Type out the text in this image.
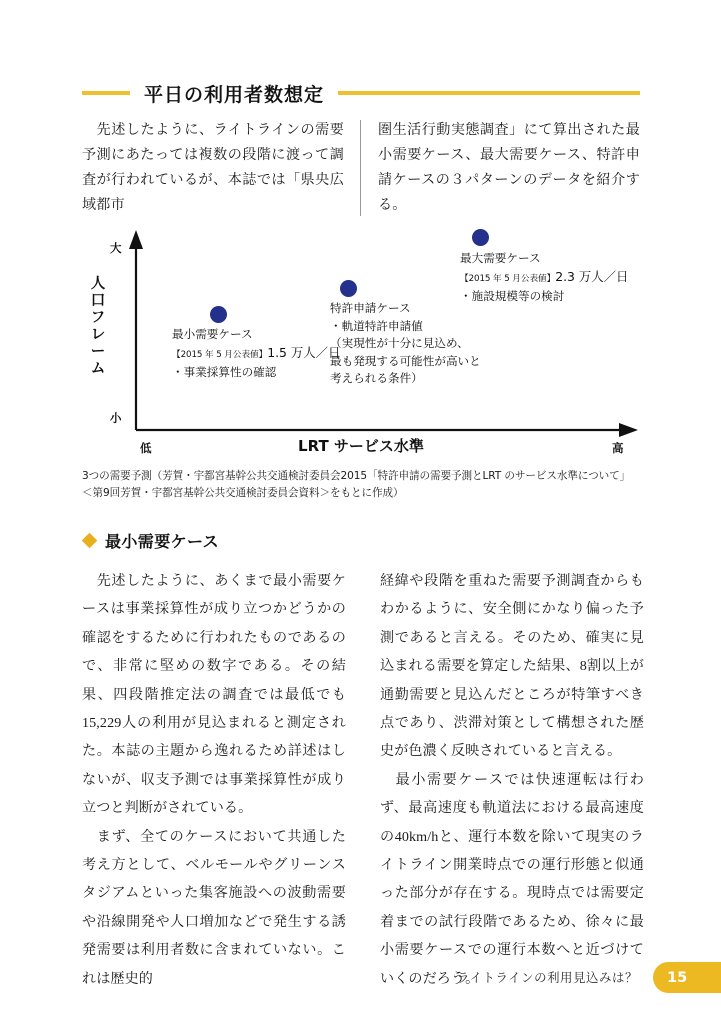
平日の利用者数想定

　先述したように、ライトラインの需要予測にあたっては複数の段階に渡って調査が行われているが、本誌では「県央広域都市

圏生活行動実態調査」にて算出された最小需要ケース、最大需要ケース、特許申請ケースの３パターンのデータを紹介する。

人口フレーム
LRT サービス水準
大
小
低	高
最小需要ケース
【2015 年 5 月公表値】1.5 万人／日
・事業採算性の確認
特許申請ケース
・軌道特許申請値
（実現性が十分に見込め、
最も発現する可能性が高いと
考えられる条件）
最大需要ケース
【2015 年 5 月公表値】2.3 万人／日
・施設規模等の検討
3つの需要予測（芳賀・宇都宮基幹公共交通検討委員会2015「特許申請の需要予測とLRT のサービス水準について」
＜第9回芳賀・宇都宮基幹公共交通検討委員会資料＞をもとに作成）
最小需要ケース

　先述したように、あくまで最小需要ケースは事業採算性が成り立つかどうかの確認をするために行われたものであるので、非常に堅めの数字である。その結果、四段階推定法の調査では最低でも15,229人の利用が見込まれると測定された。本誌の主題から逸れるため詳述はしないが、収支予測では事業採算性が成り立つと判断がされている。

　まず、全てのケースにおいて共通した考え方として、ベルモールやグリーンスタジアムといった集客施設への波動需要や沿線開発や人口増加などで発生する誘発需要は利用者数に含まれていない。これは歴史的

経緯や段階を重ねた需要予測調査からもわかるように、安全側にかなり偏った予測であると言える。そのため、確実に見込まれる需要を算定した結果、8割以上が通勤需要と見込んだところが特筆すべき点であり、渋滞対策として構想された歴史が色濃く反映されていると言える。

　最小需要ケースでは快速運転は行わず、最高速度も軌道法における最高速度の40km/hと、運行本数を除いて現実のライトライン開業時点での運行形態と似通った部分が存在する。現時点では需要定着までの試行段階であるため、徐々に最小需要ケースでの運行本数へと近づけていくのだろう。

ライトラインの利用見込みは？ 15
